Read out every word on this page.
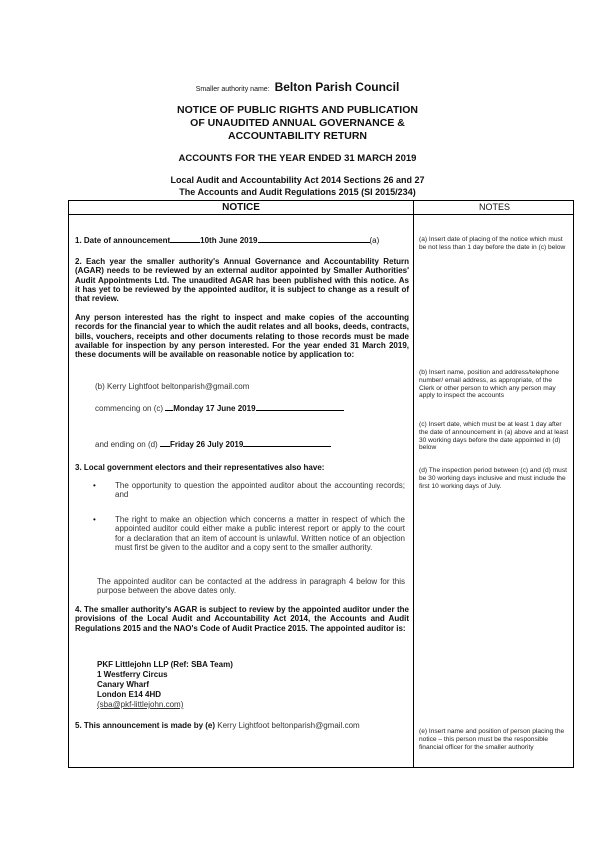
Smaller authority name: Belton Parish Council
NOTICE OF PUBLIC RIGHTS AND PUBLICATION
OF UNAUDITED ANNUAL GOVERNANCE &
ACCOUNTABILITY RETURN
ACCOUNTS FOR THE YEAR ENDED 31 MARCH 2019
Local Audit and Accountability Act 2014 Sections 26 and 27
The Accounts and Audit Regulations 2015 (SI 2015/234)
NOTICE	NOTES
1. Date of announcement	10th June 2019	(a)
2. Each year the smaller authority's Annual Governance and Accountability Return (AGAR) needs to be reviewed by an external auditor appointed by Smaller Authorities' Audit Appointments Ltd. The unaudited AGAR has been published with this notice. As it has yet to be reviewed by the appointed auditor, it is subject to change as a result of that review.
Any person interested has the right to inspect and make copies of the accounting records for the financial year to which the audit relates and all books, deeds, contracts, bills, vouchers, receipts and other documents relating to those records must be made available for inspection by any person interested. For the year ended 31 March 2019, these documents will be available on reasonable notice by application to:
(b) Kerry Lightfoot beltonparish@gmail.com
commencing on (c) Monday 17 June 2019
and ending on (d) Friday 26 July 2019
3. Local government electors and their representatives also have:
• The opportunity to question the appointed auditor about the accounting records; and
• The right to make an objection which concerns a matter in respect of which the appointed auditor could either make a public interest report or apply to the court for a declaration that an item of account is unlawful. Written notice of an objection must first be given to the auditor and a copy sent to the smaller authority.
The appointed auditor can be contacted at the address in paragraph 4 below for this purpose between the above dates only.
4. The smaller authority's AGAR is subject to review by the appointed auditor under the provisions of the Local Audit and Accountability Act 2014, the Accounts and Audit Regulations 2015 and the NAO's Code of Audit Practice 2015. The appointed auditor is:
PKF Littlejohn LLP (Ref: SBA Team)
1 Westferry Circus
Canary Wharf
London E14 4HD
(sba@pkf-littlejohn.com)
5. This announcement is made by (e) Kerry Lightfoot beltonparish@gmail.com
(a) Insert date of placing of the notice which must be not less than 1 day before the date in (c) below
(b) Insert name, position and address/telephone number/ email address, as appropriate, of the Clerk or other person to which any person may apply to inspect the accounts
(c) Insert date, which must be at least 1 day after the date of announcement in (a) above and at least 30 working days before the date appointed in (d) below
(d) The inspection period between (c) and (d) must be 30 working days inclusive and must include the first 10 working days of July.
(e) Insert name and position of person placing the notice – this person must be the responsible financial officer for the smaller authority
